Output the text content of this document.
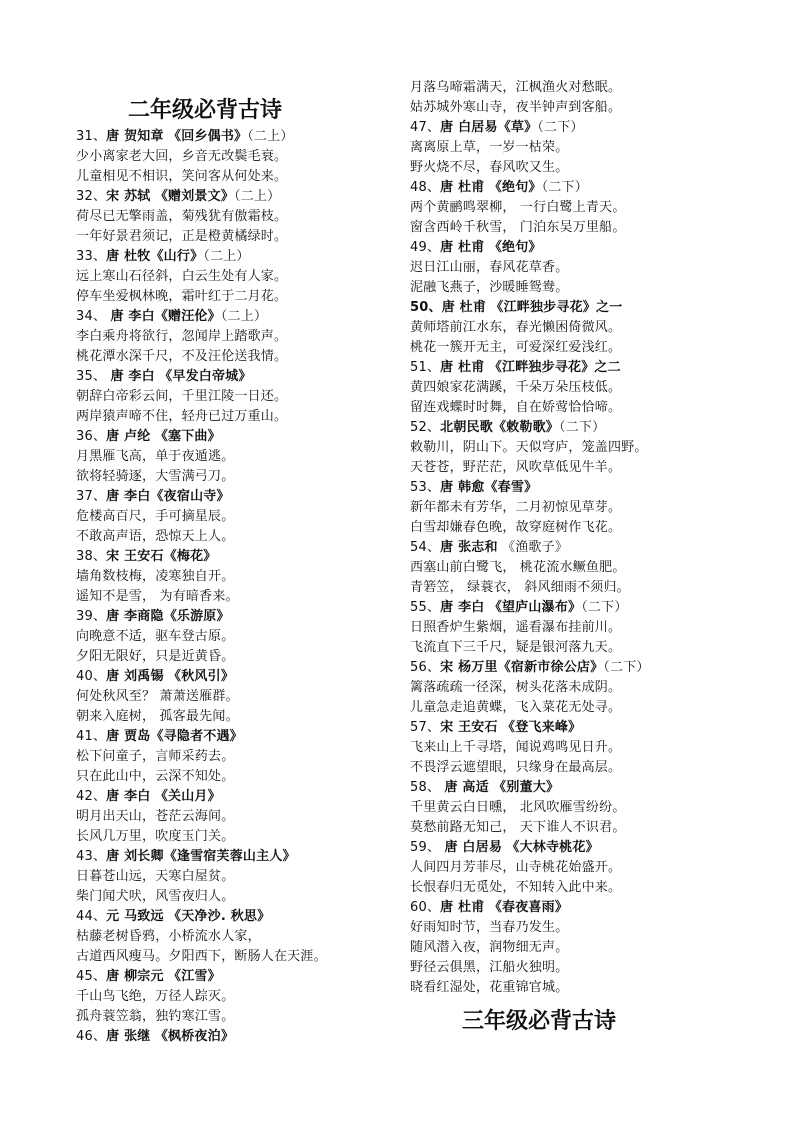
二年级必背古诗
31、唐 贺知章 《回乡偶书》（二上）
少小离家老大回，乡音无改鬓毛衰。
儿童相见不相识，笑问客从何处来。
32、宋 苏轼 《赠刘景文》（二上）
荷尽已无擎雨盖，菊残犹有傲霜枝。
一年好景君须记，正是橙黄橘绿时。
33、唐 杜牧《山行》（二上）
远上寒山石径斜，白云生处有人家。
停车坐爱枫林晚，霜叶红于二月花。
34、 唐 李白《赠汪伦》（二上）
李白乘舟将欲行，忽闻岸上踏歌声。
桃花潭水深千尺，不及汪伦送我情。
35、 唐 李白 《早发白帝城》
朝辞白帝彩云间，千里江陵一日还。
两岸猿声啼不住，轻舟已过万重山。
36、唐 卢纶 《塞下曲》
月黑雁飞高，单于夜遁逃。
欲将轻骑逐，大雪满弓刀。
37、唐 李白《夜宿山寺》
危楼高百尺，手可摘星辰。
不敢高声语，恐惊天上人。
38、宋 王安石《梅花》
墙角数枝梅，凌寒独自开。
遥知不是雪， 为有暗香来。
39、唐 李商隐《乐游原》
向晚意不适，驱车登古原。
夕阳无限好，只是近黄昏。
40、唐 刘禹锡 《秋风引》
何处秋风至？ 萧萧送雁群。
朝来入庭树， 孤客最先闻。
41、唐 贾岛《寻隐者不遇》
松下问童子，言师采药去。
只在此山中，云深不知处。
42、唐 李白 《关山月》
明月出天山，苍茫云海间。
长风几万里，吹度玉门关。
43、唐 刘长卿《逢雪宿芙蓉山主人》
日暮苍山远，天寒白屋贫。
柴门闻犬吠，风雪夜归人。
44、元 马致远 《天净沙. 秋思》
枯藤老树昏鸦，小桥流水人家，
古道西风瘦马。夕阳西下，断肠人在天涯。
45、唐 柳宗元 《江雪》
千山鸟飞绝，万径人踪灭。
孤舟蓑笠翁，独钓寒江雪。
46、唐 张继 《枫桥夜泊》
月落乌啼霜满天，江枫渔火对愁眠。
姑苏城外寒山寺，夜半钟声到客船。
47、唐 白居易《草》（二下）
离离原上草，一岁一枯荣。
野火烧不尽，春风吹又生。
48、唐 杜甫 《绝句》（二下）
两个黄鹂鸣翠柳， 一行白鹭上青天。
窗含西岭千秋雪， 门泊东吴万里船。
49、唐 杜甫 《绝句》
迟日江山丽，春风花草香。
泥融飞燕子，沙暖睡鸳鸯。
50、唐 杜甫 《江畔独步寻花》之一
黄师塔前江水东，春光懒困倚微风。
桃花一簇开无主，可爱深红爱浅红。
51、唐 杜甫 《江畔独步寻花》之二
黄四娘家花满蹊，千朵万朵压枝低。
留连戏蝶时时舞，自在娇莺恰恰啼。
52、北朝民歌《敕勒歌》（二下）
敕勒川，阴山下。天似穹庐，笼盖四野。
天苍苍，野茫茫，风吹草低见牛羊。
53、唐 韩愈《春雪》
新年都未有芳华，二月初惊见草芽。
白雪却嫌春色晚，故穿庭树作飞花。
54、唐 张志和 《渔歌子》
西塞山前白鹭飞， 桃花流水鳜鱼肥。
青箬笠， 绿蓑衣， 斜风细雨不须归。
55、唐 李白 《望庐山瀑布》（二下）
日照香炉生紫烟，遥看瀑布挂前川。
飞流直下三千尺，疑是银河落九天。
56、宋 杨万里《宿新市徐公店》（二下）
篱落疏疏一径深，树头花落未成阴。
儿童急走追黄蝶，飞入菜花无处寻。
57、宋 王安石 《登飞来峰》
飞来山上千寻塔，闻说鸡鸣见日升。
不畏浮云遮望眼，只缘身在最高层。
58、 唐 高适 《别董大》
千里黄云白日曛， 北风吹雁雪纷纷。
莫愁前路无知己， 天下谁人不识君。
59、 唐 白居易 《大林寺桃花》
人间四月芳菲尽，山寺桃花始盛开。
长恨春归无觅处，不知转入此中来。
60、唐 杜甫 《春夜喜雨》
好雨知时节，当春乃发生。
随风潜入夜，润物细无声。
野径云俱黑，江船火独明。
晓看红湿处，花重锦官城。
三年级必背古诗
